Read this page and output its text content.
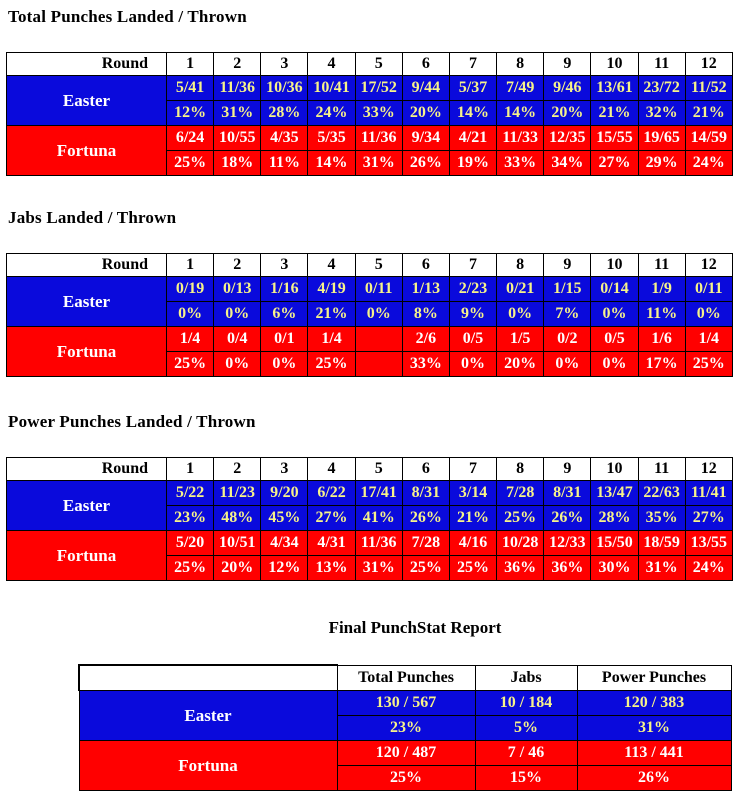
Total Punches Landed / Thrown
Round	1	2	3	4	5	6	7	8	9	10	11	12
Easter	5/41	11/36	10/36	10/41	17/52	9/44	5/37	7/49	9/46	13/61	23/72	11/52
	12%	31%	28%	24%	33%	20%	14%	14%	20%	21%	32%	21%
Fortuna	6/24	10/55	4/35	5/35	11/36	9/34	4/21	11/33	12/35	15/55	19/65	14/59
	25%	18%	11%	14%	31%	26%	19%	33%	34%	27%	29%	24%
Jabs Landed / Thrown
Round	1	2	3	4	5	6	7	8	9	10	11	12
Easter	0/19	0/13	1/16	4/19	0/11	1/13	2/23	0/21	1/15	0/14	1/9	0/11
	0%	0%	6%	21%	0%	8%	9%	0%	7%	0%	11%	0%
Fortuna	1/4	0/4	0/1	1/4		2/6	0/5	1/5	0/2	0/5	1/6	1/4
	25%	0%	0%	25%		33%	0%	20%	0%	0%	17%	25%
Power Punches Landed / Thrown
Round	1	2	3	4	5	6	7	8	9	10	11	12
Easter	5/22	11/23	9/20	6/22	17/41	8/31	3/14	7/28	8/31	13/47	22/63	11/41
	23%	48%	45%	27%	41%	26%	21%	25%	26%	28%	35%	27%
Fortuna	5/20	10/51	4/34	4/31	11/36	7/28	4/16	10/28	12/33	15/50	18/59	13/55
	25%	20%	12%	13%	31%	25%	25%	36%	36%	30%	31%	24%
Final PunchStat Report
	Total Punches	Jabs	Power Punches
Easter	130 / 567	10 / 184	120 / 383
	23%	5%	31%
Fortuna	120 / 487	7 / 46	113 / 441
	25%	15%	26%
